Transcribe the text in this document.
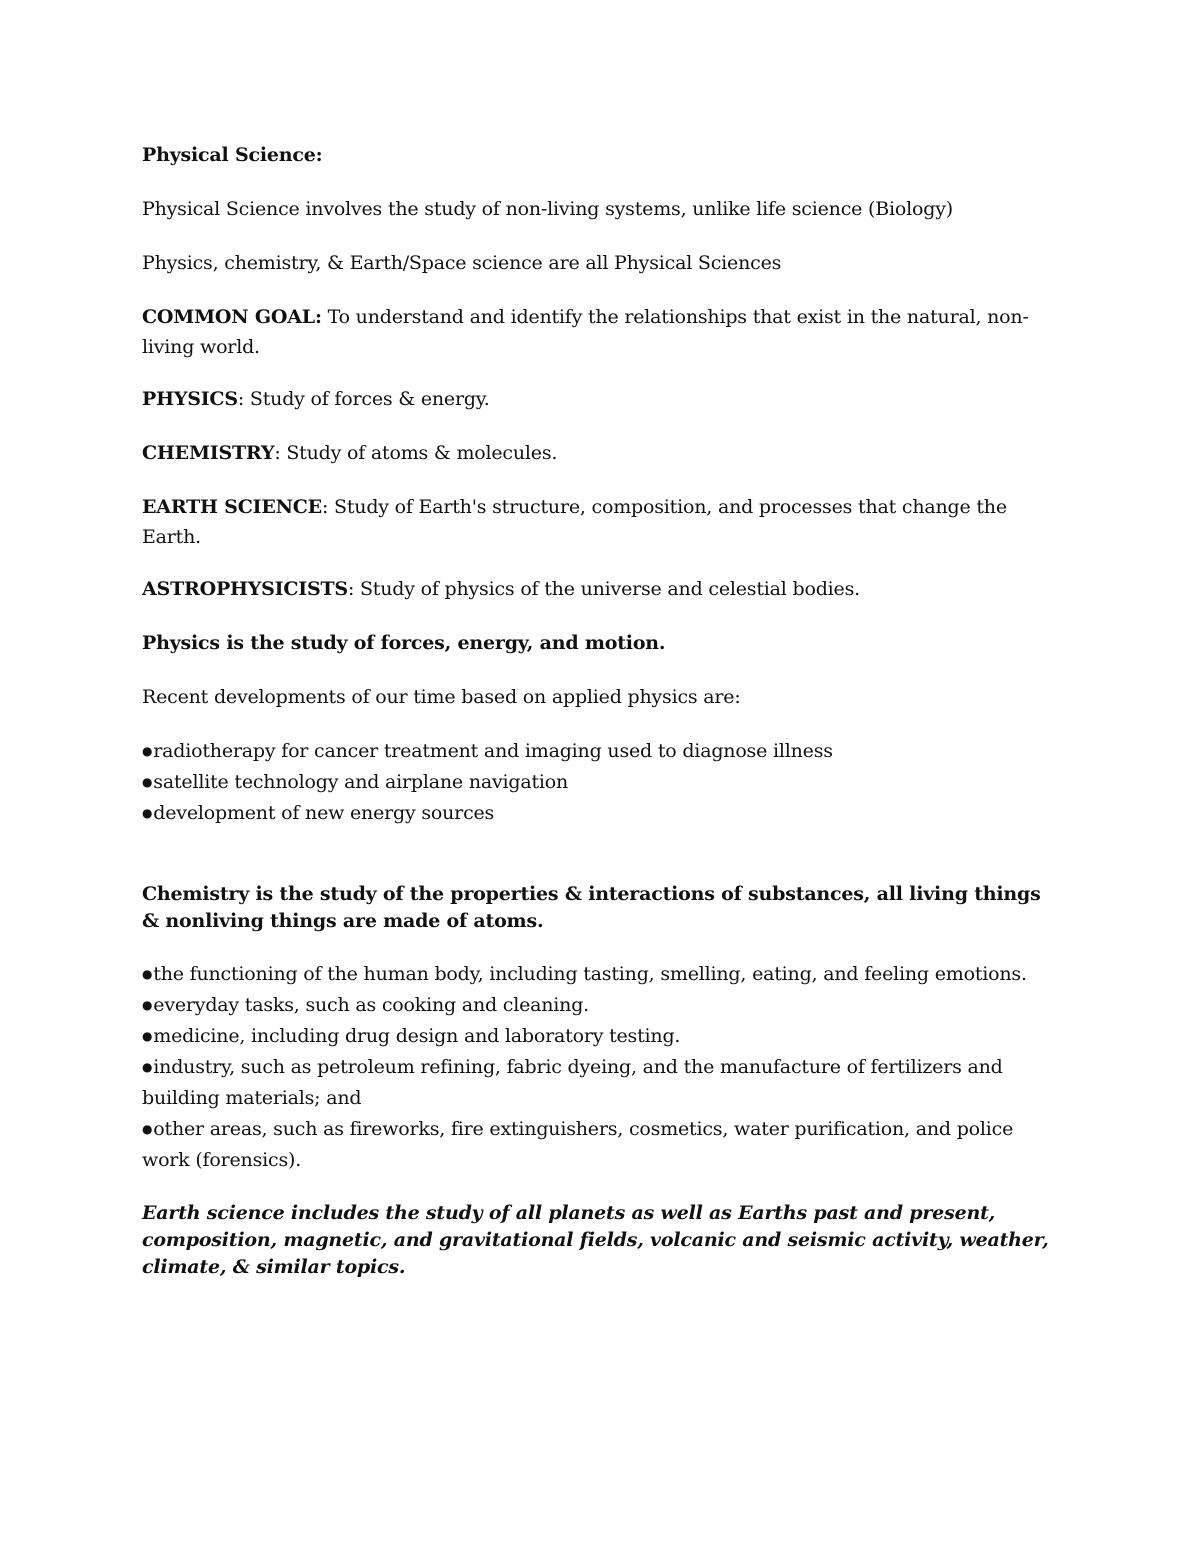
Physical Science:

Physical Science involves the study of non-living systems, unlike life science (Biology)

Physics, chemistry, & Earth/Space science are all Physical Sciences

COMMON GOAL: To understand and identify the relationships that exist in the natural, non-living world.

PHYSICS: Study of forces & energy.

CHEMISTRY: Study of atoms & molecules.

EARTH SCIENCE: Study of Earth's structure, composition, and processes that change the Earth.

ASTROPHYSICISTS: Study of physics of the universe and celestial bodies.

Physics is the study of forces, energy, and motion.

Recent developments of our time based on applied physics are:

●radiotherapy for cancer treatment and imaging used to diagnose illness
●satellite technology and airplane navigation
●development of new energy sources

Chemistry is the study of the properties & interactions of substances, all living things & nonliving things are made of atoms.

●the functioning of the human body, including tasting, smelling, eating, and feeling emotions.
●everyday tasks, such as cooking and cleaning.
●medicine, including drug design and laboratory testing.
●industry, such as petroleum refining, fabric dyeing, and the manufacture of fertilizers and building materials; and
●other areas, such as fireworks, fire extinguishers, cosmetics, water purification, and police work (forensics).

Earth science includes the study of all planets as well as Earths past and present, composition, magnetic, and gravitational fields, volcanic and seismic activity, weather, climate, & similar topics.
